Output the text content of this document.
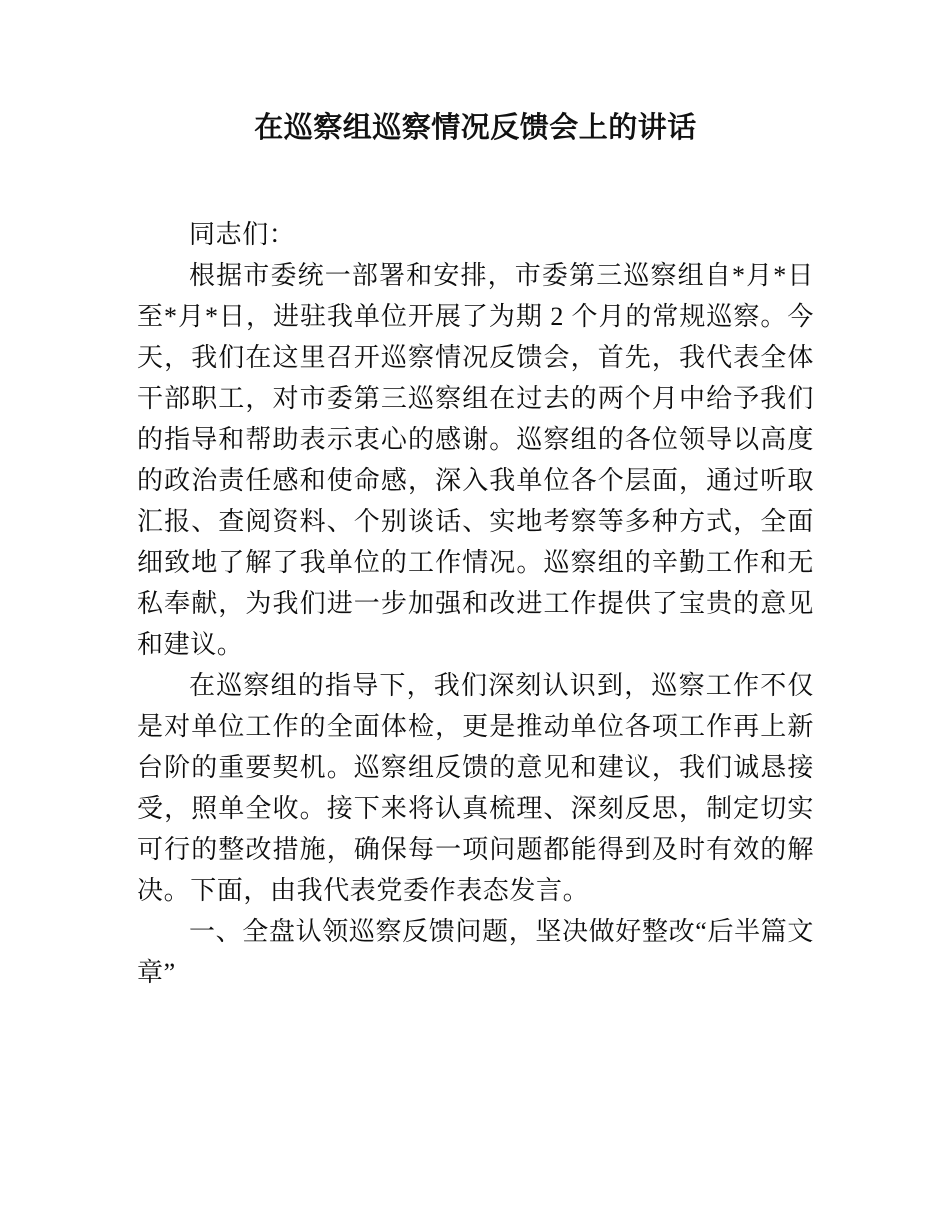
在巡察组巡察情况反馈会上的讲话

同志们：

根据市委统一部署和安排，市委第三巡察组自*月*日至*月*日，进驻我单位开展了为期 2 个月的常规巡察。今天，我们在这里召开巡察情况反馈会，首先，我代表全体干部职工，对市委第三巡察组在过去的两个月中给予我们的指导和帮助表示衷心的感谢。巡察组的各位领导以高度的政治责任感和使命感，深入我单位各个层面，通过听取汇报、查阅资料、个别谈话、实地考察等多种方式，全面细致地了解了我单位的工作情况。巡察组的辛勤工作和无私奉献，为我们进一步加强和改进工作提供了宝贵的意见和建议。

在巡察组的指导下，我们深刻认识到，巡察工作不仅是对单位工作的全面体检，更是推动单位各项工作再上新台阶的重要契机。巡察组反馈的意见和建议，我们诚恳接受，照单全收。接下来将认真梳理、深刻反思，制定切实可行的整改措施，确保每一项问题都能得到及时有效的解决。下面，由我代表党委作表态发言。

一、全盘认领巡察反馈问题，坚决做好整改“后半篇文章”
